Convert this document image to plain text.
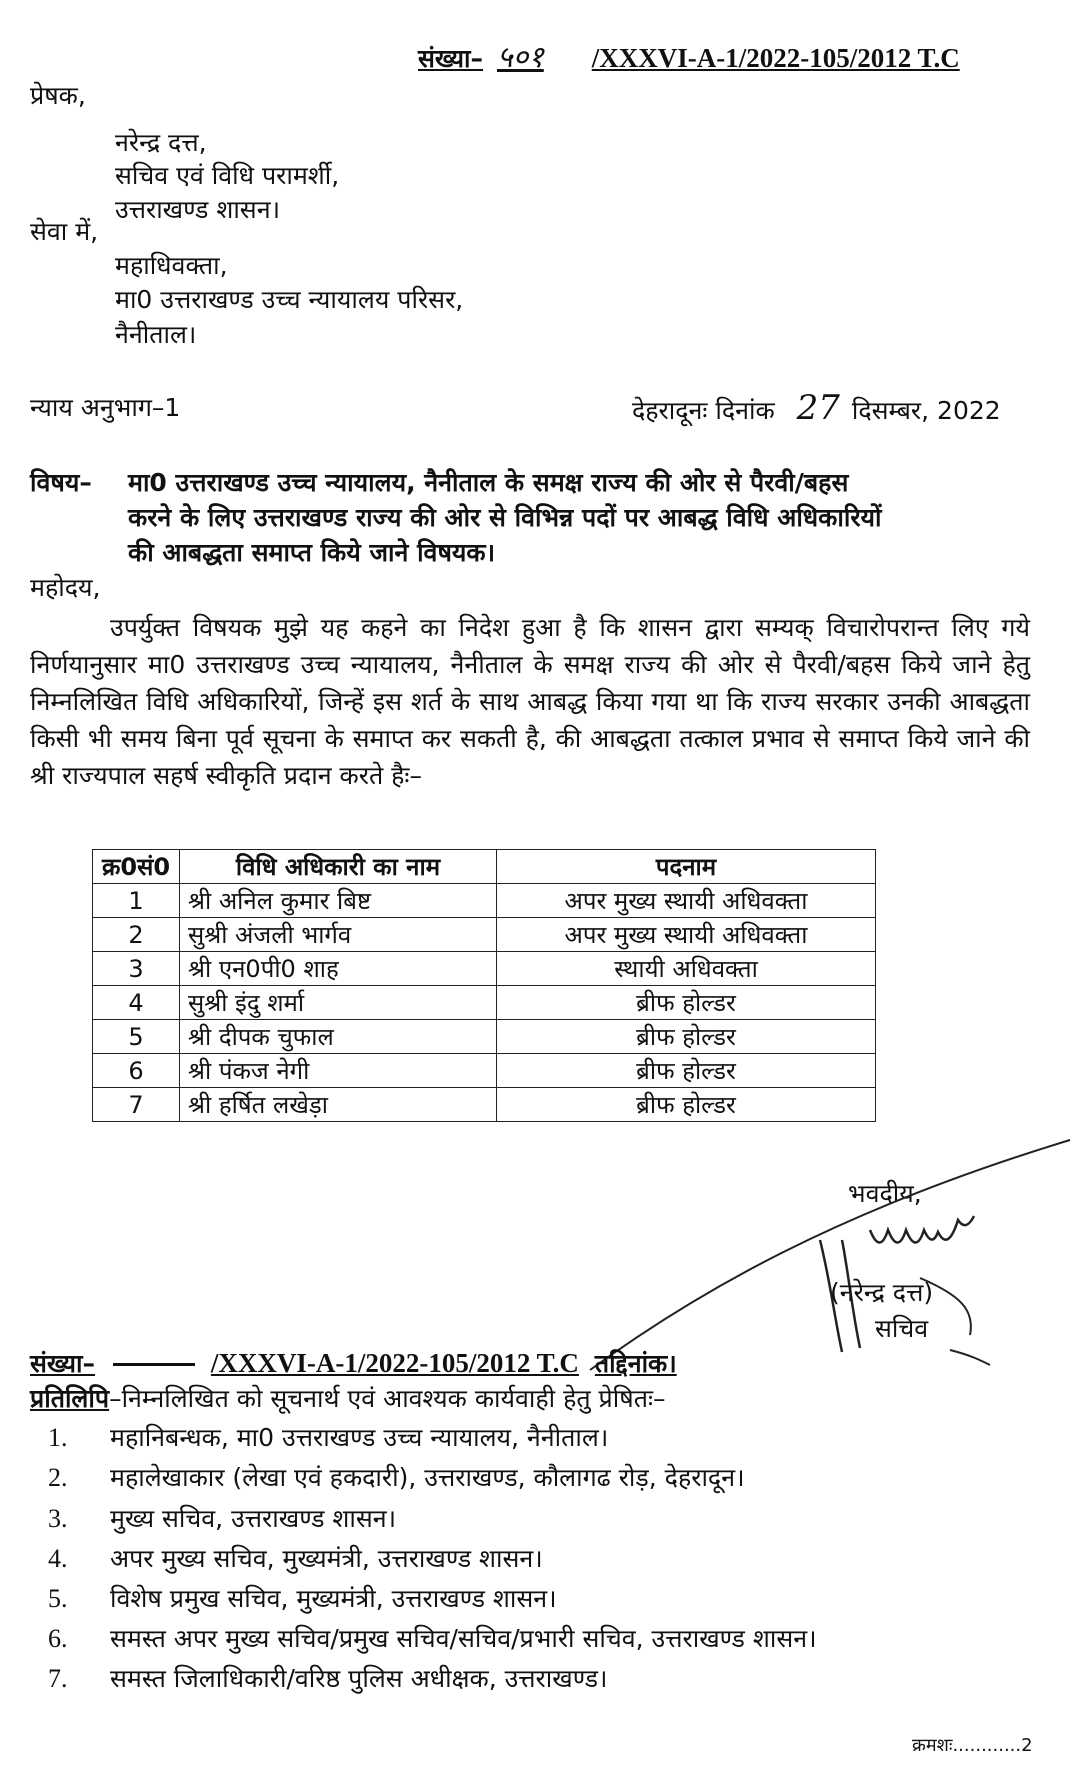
संख्या– ५०१ /XXXVI-A-1/2022-105/2012 T.C
प्रेषक,
नरेन्द्र दत्त,
सचिव एवं विधि परामर्शी,
उत्तराखण्ड शासन।
सेवा में,
महाधिवक्ता,
मा0 उत्तराखण्ड उच्च न्यायालय परिसर,
नैनीताल।
न्याय अनुभाग–1	देहरादूनः दिनांक 27 दिसम्बर, 2022
विषय– मा0 उत्तराखण्ड उच्च न्यायालय, नैनीताल के समक्ष राज्य की ओर से पैरवी/बहस
करने के लिए उत्तराखण्ड राज्य की ओर से विभिन्न पदों पर आबद्ध विधि अधिकारियों
की आबद्धता समाप्त किये जाने विषयक।
महोदय,
उपर्युक्त विषयक मुझे यह कहने का निदेश हुआ है कि शासन द्वारा सम्यक् विचारोपरान्त लिए गये निर्णयानुसार मा0 उत्तराखण्ड उच्च न्यायालय, नैनीताल के समक्ष राज्य की ओर से पैरवी/बहस किये जाने हेतु निम्नलिखित विधि अधिकारियों, जिन्हें इस शर्त के साथ आबद्ध किया गया था कि राज्य सरकार उनकी आबद्धता किसी भी समय बिना पूर्व सूचना के समाप्त कर सकती है, की आबद्धता तत्काल प्रभाव से समाप्त किये जाने की श्री राज्यपाल सहर्ष स्वीकृति प्रदान करते हैः–
क्र0सं0	विधि अधिकारी का नाम	पदनाम
1	श्री अनिल कुमार बिष्ट	अपर मुख्य स्थायी अधिवक्ता
2	सुश्री अंजली भार्गव	अपर मुख्य स्थायी अधिवक्ता
3	श्री एन0पी0 शाह	स्थायी अधिवक्ता
4	सुश्री इंदु शर्मा	ब्रीफ होल्डर
5	श्री दीपक चुफाल	ब्रीफ होल्डर
6	श्री पंकज नेगी	ब्रीफ होल्डर
7	श्री हर्षित लखेड़ा	ब्रीफ होल्डर
भवदीय,
(नरेन्द्र दत्त)
सचिव
संख्या–	/XXXVI-A-1/2022-105/2012 T.C तद्दिनांक।
प्रतिलिपि–निम्नलिखित को सूचनार्थ एवं आवश्यक कार्यवाही हेतु प्रेषितः–
1. महानिबन्धक, मा0 उत्तराखण्ड उच्च न्यायालय, नैनीताल।
2. महालेखाकार (लेखा एवं हकदारी), उत्तराखण्ड, कौलागढ रोड़, देहरादून।
3. मुख्य सचिव, उत्तराखण्ड शासन।
4. अपर मुख्य सचिव, मुख्यमंत्री, उत्तराखण्ड शासन।
5. विशेष प्रमुख सचिव, मुख्यमंत्री, उत्तराखण्ड शासन।
6. समस्त अपर मुख्य सचिव/प्रमुख सचिव/सचिव/प्रभारी सचिव, उत्तराखण्ड शासन।
7. समस्त जिलाधिकारी/वरिष्ठ पुलिस अधीक्षक, उत्तराखण्ड।
क्रमशः............2
